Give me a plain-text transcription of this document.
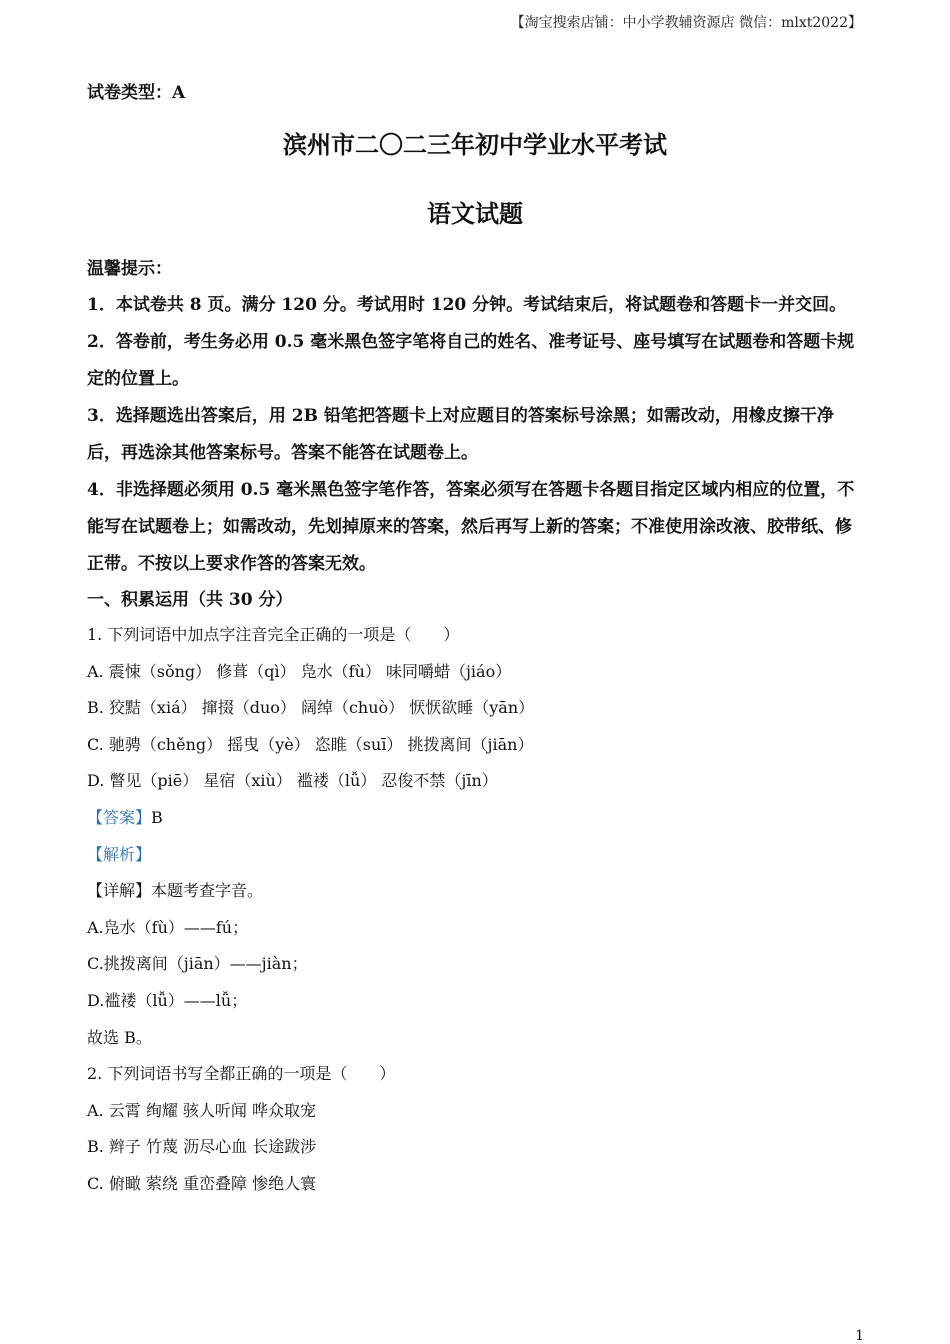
【淘宝搜索店铺：中小学教辅资源店 微信：mlxt2022】
试卷类型：A
滨州市二〇二三年初中学业水平考试
语文试题
温馨提示：

1．本试卷共 8 页。满分 120 分。考试用时 120 分钟。考试结束后，将试题卷和答题卡一并交回。

2．答卷前，考生务必用 0.5 毫米黑色签字笔将自己的姓名、准考证号、座号填写在试题卷和答题卡规定的位置上。

3．选择题选出答案后，用 2B 铅笔把答题卡上对应题目的答案标号涂黑；如需改动，用橡皮擦干净后，再选涂其他答案标号。答案不能答在试题卷上。

4．非选择题必须用 0.5 毫米黑色签字笔作答，答案必须写在答题卡各题目指定区域内相应的位置，不能写在试题卷上；如需改动，先划掉原来的答案，然后再写上新的答案；不准使用涂改液、胶带纸、修正带。不按以上要求作答的答案无效。

一、积累运用（共 30 分）
1. 下列词语中加点字注音完全正确的一项是（　　）
A. 震悚（sǒng） 修葺（qì） 凫水（fù） 味同嚼蜡（jiáo）
B. 狡黠（xiá） 撺掇（duo） 阔绰（chuò） 恹恹欲睡（yān）
C. 驰骋（chěng） 摇曳（yè） 恣睢（suī） 挑拨离间（jiān）
D. 瞥见（piē） 星宿（xiù） 褴褛（lǚ） 忍俊不禁（jīn）
【答案】B
【解析】
【详解】本题考查字音。
A.凫水（fù）——fú；
C.挑拨离间（jiān）——jiàn；
D.褴褛（lǚ）——lǚ；
故选 B。
2. 下列词语书写全都正确的一项是（　　）
A. 云霄 绚耀 骇人听闻 哗众取宠
B. 辫子 竹蔑 沥尽心血 长途跋涉
C. 俯瞰 萦绕 重峦叠障 惨绝人寰
1
